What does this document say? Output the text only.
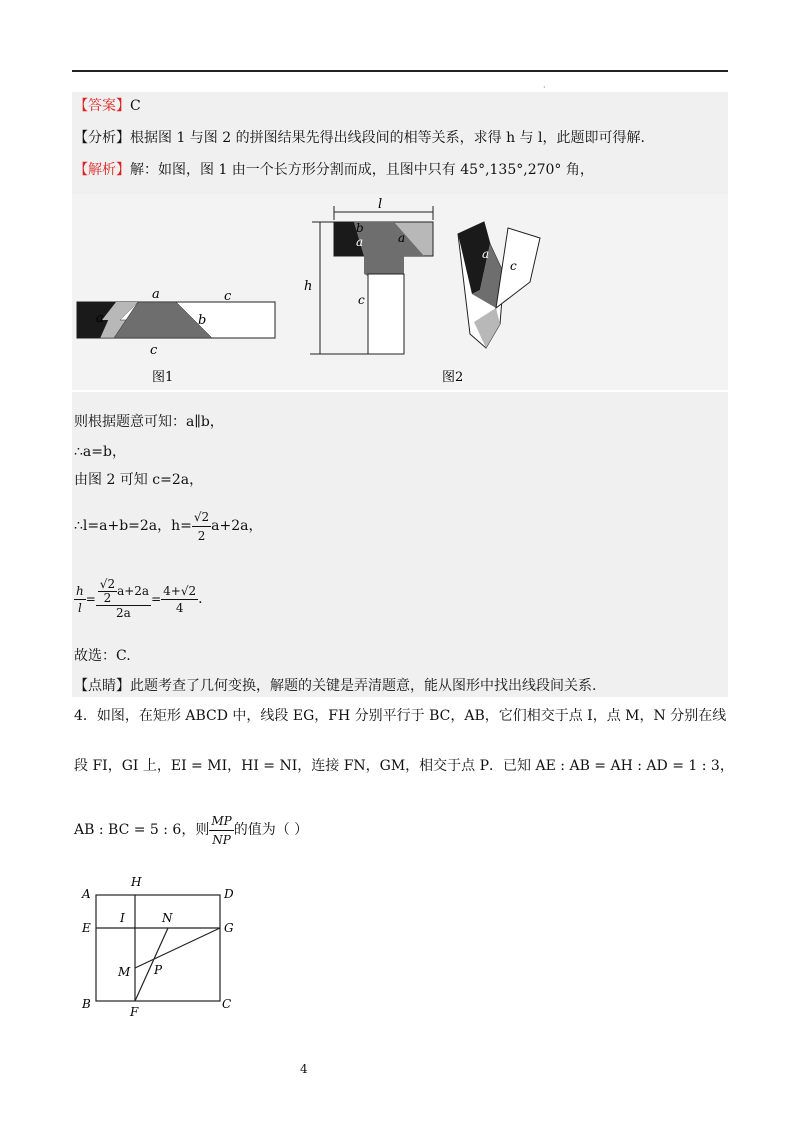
·
【答案】C
【分析】根据图 1 与图 2 的拼图结果先得出线段间的相等关系，求得 h 与 l，此题即可得解.
【解析】解：如图，图 1 由一个长方形分割而成，且图中只有 45°,135°,270° 角，
a
a	b
c
c
图1
l
h
b
a	a
c
a
c
图2
则根据题意可知：a∥b，
∴a=b，
由图 2 可知 c=2a，
∴l=a+b=2a，$h= \frac{√2}{2} a+2a$，
$\frac{h}{l} = \frac{\frac{√2}{2} a+2a}{2a} = \frac{4+√2}{4}$ .
故选：C.
【点睛】此题考查了几何变换，解题的关键是弄清题意，能从图形中找出线段间关系.
4．如图，在矩形 ABCD 中，线段 EG，FH 分别平行于 BC，AB，它们相交于点 I，点 M，N 分别在线
段 FI，GI 上，EI = MI，HI = NI，连接 FN，GM，相交于点 P．已知 AE : AB = AH : AD = 1 : 3，
AB : BC = 5 : 6，则 $\frac{MP}{NP}$ 的值为（ ）
A
B	C
D
E
F
G
H
I
M
N
P
4
